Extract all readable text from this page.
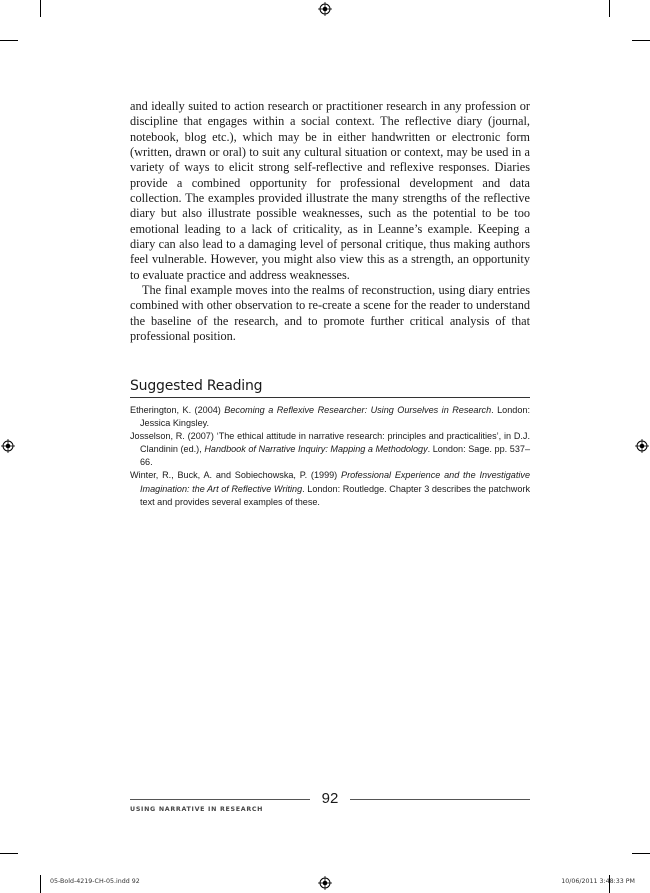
and ideally suited to action research or practitioner research in any profession or discipline that engages within a social context. The reflective diary (journal, notebook, blog etc.), which may be in either handwritten or electronic form (written, drawn or oral) to suit any cultural situation or context, may be used in a variety of ways to elicit strong self-reflective and reflexive responses. Diaries provide a combined opportunity for professional development and data collection. The examples provided illustrate the many strengths of the reflective diary but also illustrate possible weaknesses, such as the potential to be too emotional leading to a lack of criticality, as in Leanne’s example. Keeping a diary can also lead to a damaging level of personal critique, thus making authors feel vulnerable. However, you might also view this as a strength, an opportunity to evaluate practice and address weaknesses.

The final example moves into the realms of reconstruction, using diary entries combined with other observation to re-create a scene for the reader to understand the baseline of the research, and to promote further critical analysis of that professional position.

Suggested Reading
Etherington, K. (2004) Becoming a Reflexive Researcher: Using Ourselves in Research. London: Jessica Kingsley.
Josselson, R. (2007) ‘The ethical attitude in narrative research: principles and practicalities’, in D.J. Clandinin (ed.), Handbook of Narrative Inquiry: Mapping a Methodology. London: Sage. pp. 537–66.
Winter, R., Buck, A. and Sobiechowska, P. (1999) Professional Experience and the Investigative Imagination: the Art of Reflective Writing. London: Routledge. Chapter 3 describes the patchwork text and provides several examples of these.
92
USING NARRATIVE IN RESEARCH
05-Bold-4219-CH-05.indd 92	10/06/2011 3:48:33 PM
